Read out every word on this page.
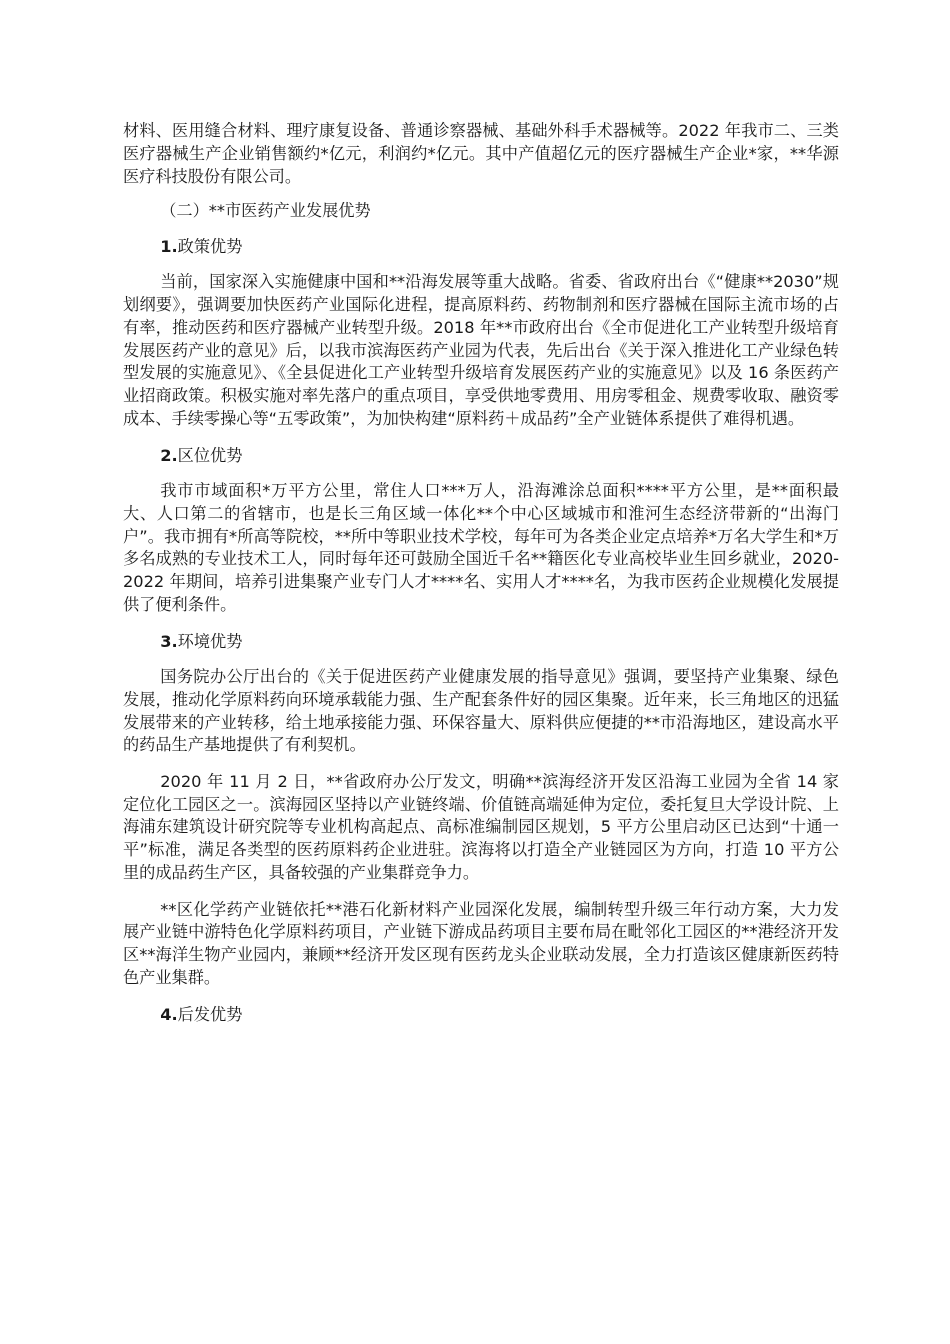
材料、医用缝合材料、理疗康复设备、普通诊察器械、基础外科手术器械等。2022 年我市二、三类医疗器械生产企业销售额约*亿元，利润约*亿元。其中产值超亿元的医疗器械生产企业*家，**华源医疗科技股份有限公司。

（二）**市医药产业发展优势

1.政策优势

当前，国家深入实施健康中国和**沿海发展等重大战略。省委、省政府出台《“健康**2030”规划纲要》，强调要加快医药产业国际化进程，提高原料药、药物制剂和医疗器械在国际主流市场的占有率，推动医药和医疗器械产业转型升级。2018 年**市政府出台《全市促进化工产业转型升级培育发展医药产业的意见》后，以我市滨海医药产业园为代表，先后出台《关于深入推进化工产业绿色转型发展的实施意见》、《全县促进化工产业转型升级培育发展医药产业的实施意见》以及 16 条医药产业招商政策。积极实施对率先落户的重点项目，享受供地零费用、用房零租金、规费零收取、融资零成本、手续零操心等“五零政策”，为加快构建“原料药＋成品药”全产业链体系提供了难得机遇。

2.区位优势

我市市域面积*万平方公里，常住人口***万人，沿海滩涂总面积****平方公里，是**面积最大、人口第二的省辖市，也是长三角区域一体化**个中心区域城市和淮河生态经济带新的“出海门户”。我市拥有*所高等院校，**所中等职业技术学校，每年可为各类企业定点培养*万名大学生和*万多名成熟的专业技术工人，同时每年还可鼓励全国近千名**籍医化专业高校毕业生回乡就业，2020-2022 年期间，培养引进集聚产业专门人才****名、实用人才****名，为我市医药企业规模化发展提供了便利条件。

3.环境优势

国务院办公厅出台的《关于促进医药产业健康发展的指导意见》强调，要坚持产业集聚、绿色发展，推动化学原料药向环境承载能力强、生产配套条件好的园区集聚。近年来，长三角地区的迅猛发展带来的产业转移，给土地承接能力强、环保容量大、原料供应便捷的**市沿海地区，建设高水平的药品生产基地提供了有利契机。

2020 年 11 月 2 日，**省政府办公厅发文，明确**滨海经济开发区沿海工业园为全省 14 家定位化工园区之一。滨海园区坚持以产业链终端、价值链高端延伸为定位，委托复旦大学设计院、上海浦东建筑设计研究院等专业机构高起点、高标准编制园区规划，5 平方公里启动区已达到“十通一平”标准，满足各类型的医药原料药企业进驻。滨海将以打造全产业链园区为方向，打造 10 平方公里的成品药生产区，具备较强的产业集群竞争力。

**区化学药产业链依托**港石化新材料产业园深化发展，编制转型升级三年行动方案，大力发展产业链中游特色化学原料药项目，产业链下游成品药项目主要布局在毗邻化工园区的**港经济开发区**海洋生物产业园内，兼顾**经济开发区现有医药龙头企业联动发展，全力打造该区健康新医药特色产业集群。

4.后发优势
